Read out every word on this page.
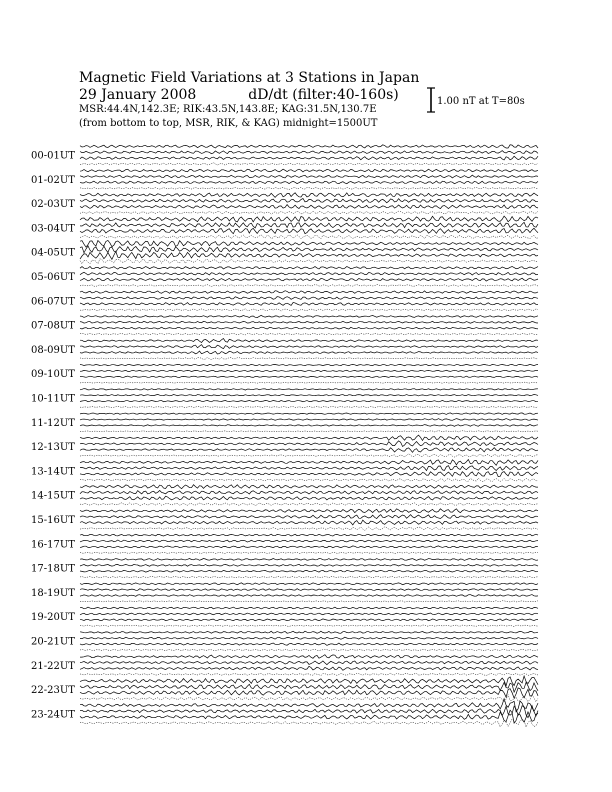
Magnetic Field Variations at 3 Stations in Japan
29 January 2008	dD/dt (filter:40-160s)
MSR:44.4N,142.3E; RIK:43.5N,143.8E; KAG:31.5N,130.7E
(from bottom to top, MSR, RIK, & KAG) midnight=1500UT
1.00 nT at T=80s
00-01UT
01-02UT
02-03UT
03-04UT
04-05UT
05-06UT
06-07UT
07-08UT
08-09UT
09-10UT
10-11UT
11-12UT
12-13UT
13-14UT
14-15UT
15-16UT
16-17UT
17-18UT
18-19UT
19-20UT
20-21UT
21-22UT
22-23UT
23-24UT
